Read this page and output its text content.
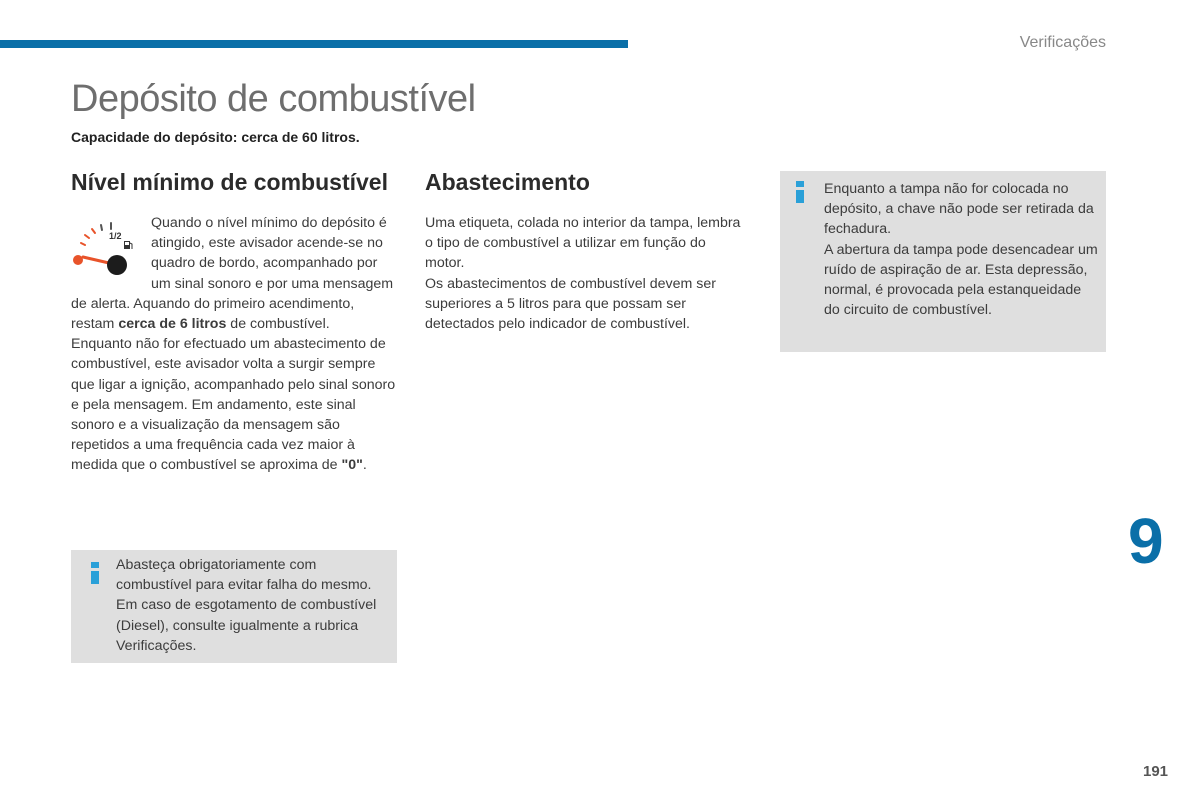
Verificações
Depósito de combustível
Capacidade do depósito: cerca de 60 litros.
Nível mínimo de combustível Abastecimento
1/2

Quando o nível mínimo do depósito é atingido, este avisador acende-se no quadro de bordo, acompanhado por um sinal sonoro e por uma mensagem de alerta. Aquando do primeiro acendimento, restam cerca de 6 litros de combustível.

Enquanto não for efectuado um abastecimento de combustível, este avisador volta a surgir sempre que ligar a ignição, acompanhado pelo sinal sonoro e pela mensagem. Em andamento, este sinal sonoro e a visualização da mensagem são repetidos a uma frequência cada vez maior à medida que o combustível se aproxima de "0".

Uma etiqueta, colada no interior da tampa, lembra o tipo de combustível a utilizar em função do motor.

Os abastecimentos de combustível devem ser superiores a 5 litros para que possam ser detectados pelo indicador de combustível.

Abasteça obrigatoriamente com combustível para evitar falha do mesmo.

Em caso de esgotamento de combustível (Diesel), consulte igualmente a rubrica Verificações.

Enquanto a tampa não for colocada no depósito, a chave não pode ser retirada da fechadura.

A abertura da tampa pode desencadear um ruído de aspiração de ar. Esta depressão, normal, é provocada pela estanqueidade do circuito de combustível.

9
191
